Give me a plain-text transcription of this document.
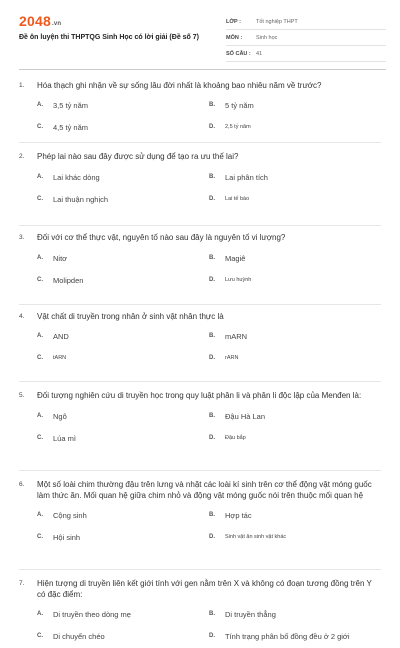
2048.vn
Đề ôn luyện thi THPTQG Sinh Học có lời giải (Đề số 7)
LỚP :	Tốt nghiệp THPT
MÔN :	Sinh học
SỐ CÂU : 41
1.	Hóa thạch ghi nhận về sự sống lâu đời nhất là khoảng bao nhiêu năm về trước?
A.	3,5 tỷ năm	B.	5 tỷ năm
C.	4,5 tỷ năm	D.	2,5 tỷ năm
2.	Phép lai nào sau đây được sử dụng để tạo ra ưu thế lai?
A.	Lai khác dòng	B.	Lai phân tích
C.	Lai thuận nghịch	D.	Lai tế bào
3.	Đối với cơ thể thực vật, nguyên tố nào sau đây là nguyên tố vi lượng?
A.	Nitơ	B.	Magiê
C.	Molipden	D.	Lưu huỳnh
4.	Vật chất di truyền trong nhân ở sinh vật nhân thực là
A.	AND	B.	mARN
C.	tARN	D.	rARN
5.	Đối tượng nghiên cứu di truyền học trong quy luật phân li và phân li độc lập của Menđen là:
A.	Ngô	B.	Đậu Hà Lan
C.	Lúa mì	D.	Đậu bắp
6.	Một số loài chim thường đậu trên lưng và nhặt các loài kí sinh trên cơ thể động vật móng guốc làm thức ăn. Mối quan hệ giữa chim nhỏ và động vật móng guốc nói trên thuộc mối quan hệ
A.	Cộng sinh	B.	Hợp tác
C.	Hội sinh	D.	Sinh vật ăn sinh vật khác
7.	Hiện tượng di truyền liên kết giới tính với gen nằm trên X và không có đoạn tương đồng trên Y có đặc điểm:
A.	Di truyền theo dòng mẹ	B.	Di truyền thẳng
C.	Di chuyển chéo	D.	Tính trạng phân bố đồng đều ở 2 giới
